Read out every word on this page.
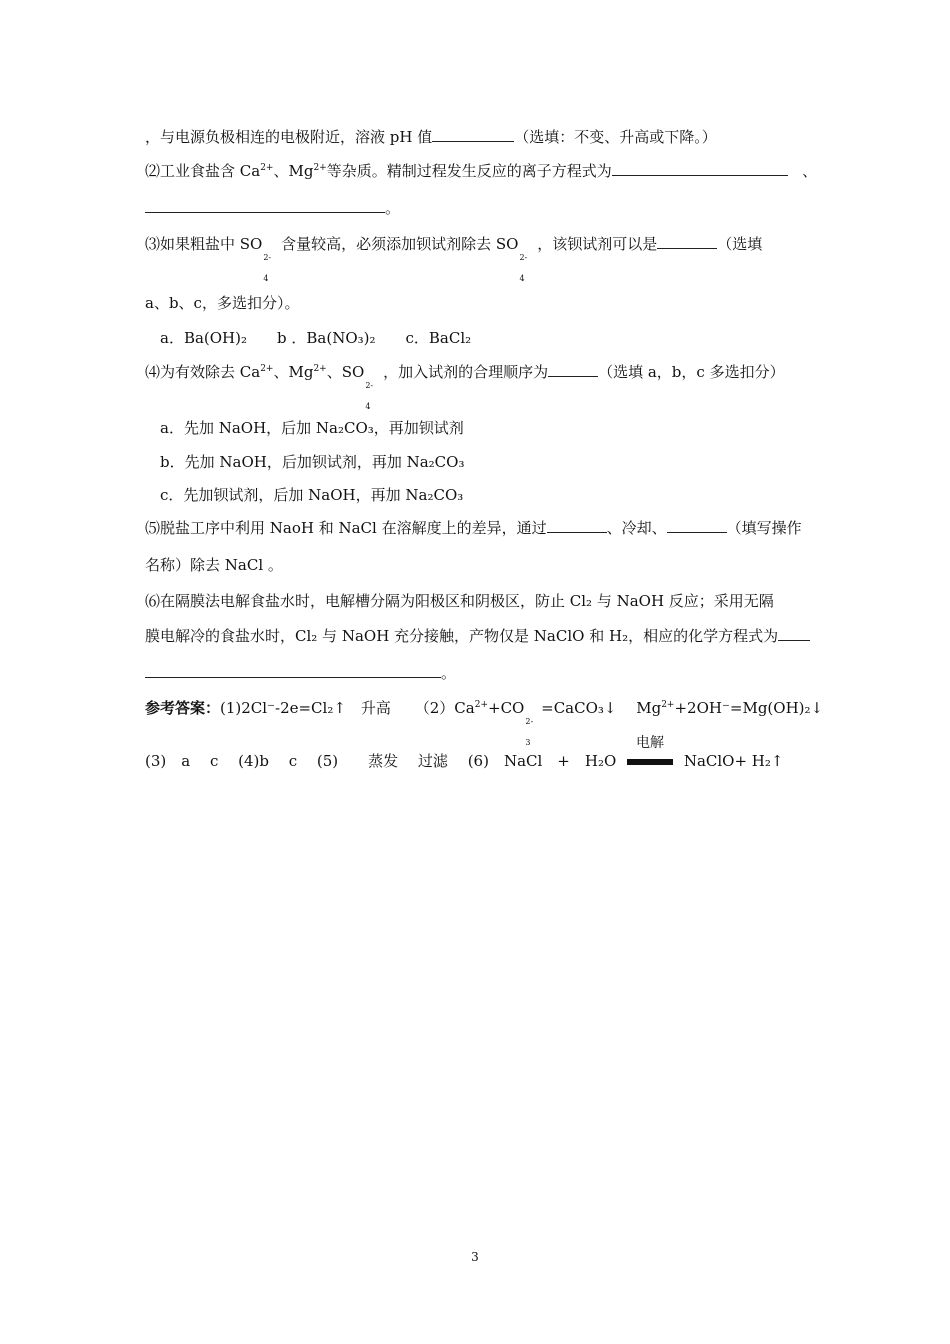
，与电源负极相连的电极附近，溶液 pH 值	（选填：不变、升高或下降。）
⑵工业食盐含 $Ca^{2+}$、$Mg^{2+}$等杂质。精制过程发生反应的离子方程式为	、
。
⑶如果粗盐中 SO
2-
4
含量较高，必须添加钡试剂除去 SO
2-
4
，该钡试剂可以是	（选填
a、b、c，多选扣分）。
a．Ba(OH)₂　　b ．Ba(NO₃)₂　　c．BaCl₂
⑷为有效除去 $Ca^{2+}$、$Mg^{2+}$、SO
2-
4
，加入试剂的合理顺序为	（选填 a，b，c 多选扣分）
a．先加 NaOH，后加 Na₂CO₃，再加钡试剂
b．先加 NaOH，后加钡试剂，再加 Na₂CO₃
c．先加钡试剂，后加 NaOH，再加 Na₂CO₃
⑸脱盐工序中利用 NaoH 和 NaCl 在溶解度上的差异，通过	、冷却、	（填写操作
名称）除去 NaCl 。
⑹在隔膜法电解食盐水时，电解槽分隔为阳极区和阴极区，防止 Cl₂ 与 NaOH 反应；采用无隔
膜电解冷的食盐水时，Cl₂ 与 NaOH 充分接触，产物仅是 NaClO 和 H₂，相应的化学方程式为
。
参考答案：(1)2Cl⁻-2e=Cl₂↑　升高 $(2)Ca^{2+}+CO$
2-
3
=CaCO₃↓　 $Mg^{2+}+2OH^-=Mg(OH)_2↓$
(3)　a　 c　 (4)b　 c　 (5)　　蒸发　 过滤　 (6)　NaCl　+　H₂O
电解
NaClO+ H₂↑
3
